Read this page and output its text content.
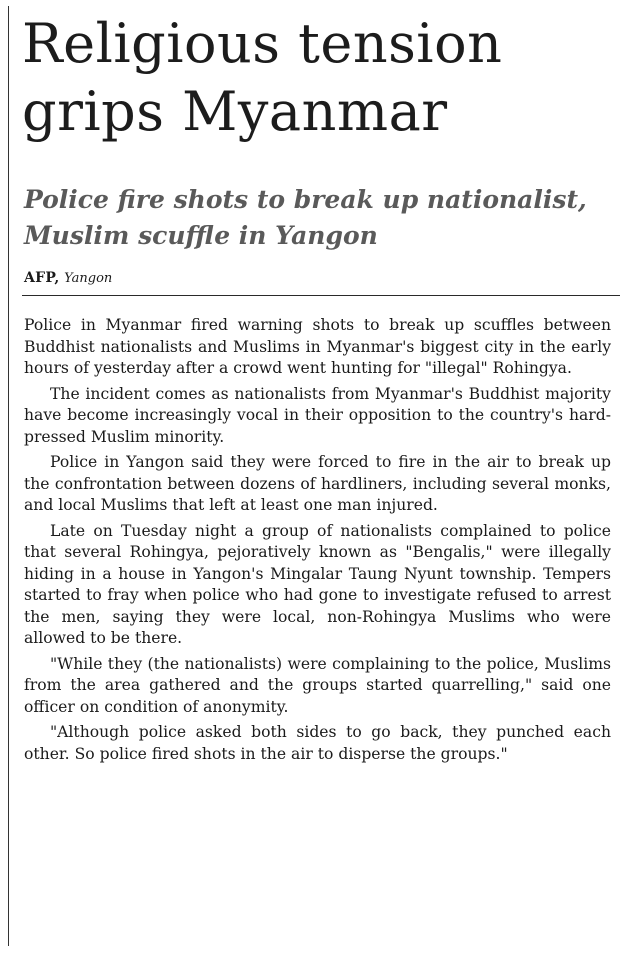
Religious tension grips Myanmar
Police fire shots to break up nationalist, Muslim scuffle in Yangon
AFP, Yangon

Police in Myanmar fired warning shots to break up scuffles between Buddhist nationalists and Muslims in Myanmar's biggest city in the early hours of yesterday after a crowd went hunting for "illegal" Rohingya.

The incident comes as nationalists from Myanmar's Buddhist majority have become increasingly vocal in their opposition to the country's hard-pressed Muslim minority.

Police in Yangon said they were forced to fire in the air to break up the confrontation between dozens of hardliners, including several monks, and local Muslims that left at least one man injured.

Late on Tuesday night a group of nationalists complained to police that several Rohingya, pejoratively known as "Bengalis," were illegally hiding in a house in Yangon's Mingalar Taung Nyunt township. Tempers started to fray when police who had gone to investigate refused to arrest the men, saying they were local, non-Rohingya Muslims who were allowed to be there.

"While they (the nationalists) were complaining to the police, Muslims from the area gathered and the groups started quarrelling," said one officer on condition of anonymity.

"Although police asked both sides to go back, they punched each other. So police fired shots in the air to disperse the groups."
